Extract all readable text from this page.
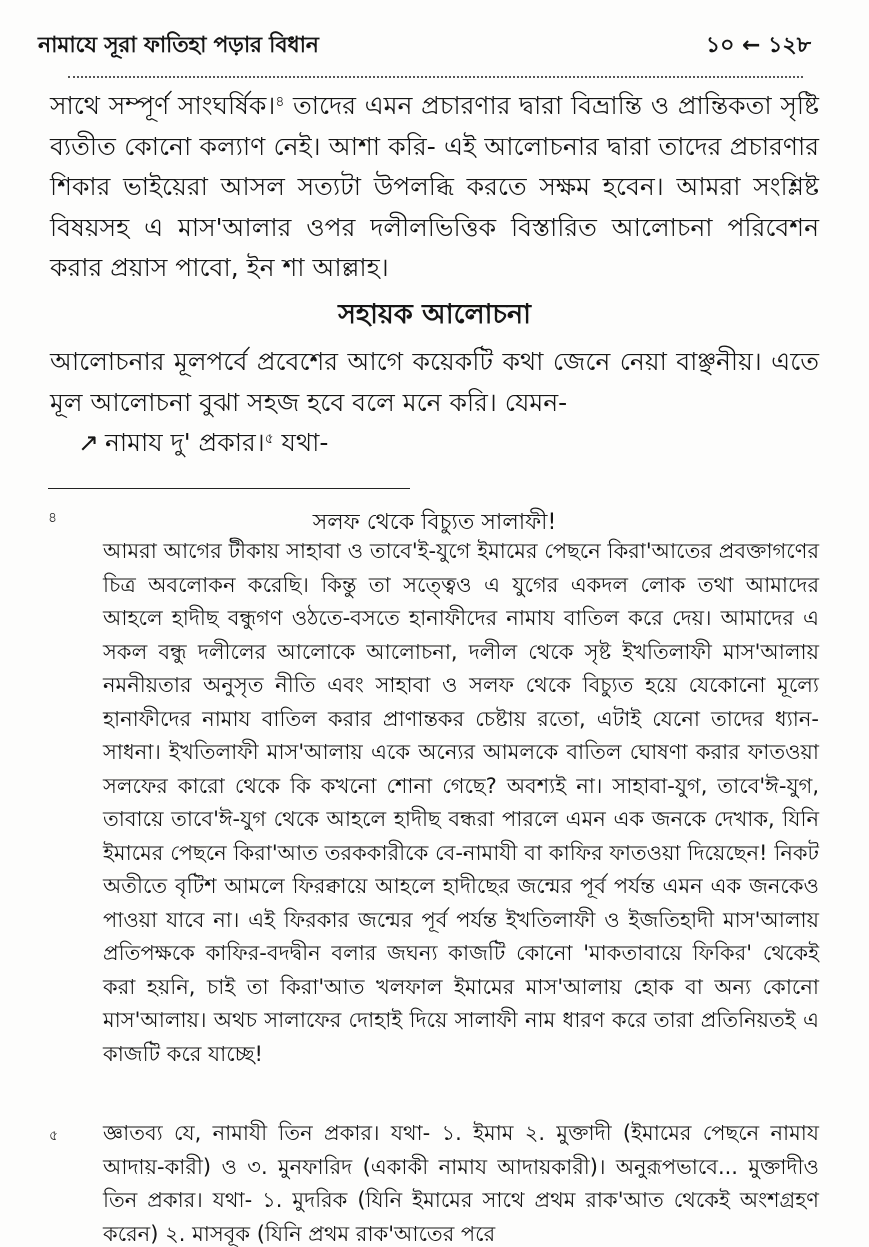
নামাযে সূরা ফাতিহা পড়ার বিধান	১০ ← ১২৮
সাথে সম্পূর্ণ সাংঘর্ষিক।$^৪$ তাদের এমন প্রচারণার দ্বারা বিভ্রান্তি ও প্রান্তিকতা সৃষ্টি ব্যতীত কোনো কল্যাণ নেই। আশা করি- এই আলোচনার দ্বারা তাদের প্রচারণার শিকার ভাইয়েরা আসল সত্যটা উপলব্ধি করতে সক্ষম হবেন। আমরা সংশ্লিষ্ট বিষয়সহ এ মাস'আলার ওপর দলীলভিত্তিক বিস্তারিত আলোচনা পরিবেশন করার প্রয়াস পাবো, ইন শা আল্লাহ।
সহায়ক আলোচনা
আলোচনার মূলপর্বে প্রবেশের আগে কয়েকটি কথা জেনে নেয়া বাঞ্ছনীয়। এতে মূল আলোচনা বুঝা সহজ হবে বলে মনে করি। যেমন-
↗ নামায দু' প্রকার।$^৫$ যথা-
৪	সলফ থেকে বিচ্যুত সালাফী!
আমরা আগের টীকায় সাহাবা ও তাবে'ই-যুগে ইমামের পেছনে কিরা'আতের প্রবক্তাগণের চিত্র অবলোকন করেছি। কিন্তু তা সত্ত্বেও এ যুগের একদল লোক তথা আমাদের আহলে হাদীছ বন্ধুগণ ওঠতে-বসতে হানাফীদের নামায বাতিল করে দেয়। আমাদের এ সকল বন্ধু দলীলের আলোকে আলোচনা, দলীল থেকে সৃষ্ট ইখতিলাফী মাস'আলায় নমনীয়তার অনুসৃত নীতি এবং সাহাবা ও সলফ থেকে বিচ্যুত হয়ে যেকোনো মূল্যে হানাফীদের নামায বাতিল করার প্রাণান্তকর চেষ্টায় রতো, এটাই যেনো তাদের ধ্যান-সাধনা। ইখতিলাফী মাস'আলায় একে অন্যের আমলকে বাতিল ঘোষণা করার ফাতওয়া সলফের কারো থেকে কি কখনো শোনা গেছে? অবশ্যই না। সাহাবা-যুগ, তাবে'ঈ-যুগ, তাবায়ে তাবে'ঈ-যুগ থেকে আহলে হাদীছ বন্ধরা পারলে এমন এক জনকে দেখাক, যিনি ইমামের পেছনে কিরা'আত তরককারীকে বে-নামাযী বা কাফির ফাতওয়া দিয়েছেন! নিকট অতীতে বৃটিশ আমলে ফিরক্বায়ে আহলে হাদীছের জন্মের পূর্ব পর্যন্ত এমন এক জনকেও পাওয়া যাবে না। এই ফিরকার জন্মের পূর্ব পর্যন্ত ইখতিলাফী ও ইজতিহাদী মাস'আলায় প্রতিপক্ষকে কাফির-বদদ্বীন বলার জঘন্য কাজটি কোনো 'মাকতাবায়ে ফিকির' থেকেই করা হয়নি, চাই তা কিরা'আত খলফাল ইমামের মাস'আলায় হোক বা অন্য কোনো মাস'আলায়। অথচ সালাফের দোহাই দিয়ে সালাফী নাম ধারণ করে তারা প্রতিনিয়তই এ কাজটি করে যাচ্ছে!
৫ জ্ঞাতব্য যে, নামাযী তিন প্রকার। যথা- ১. ইমাম ২. মুক্তাদী (ইমামের পেছনে নামায আদায়-কারী) ও ৩. মুনফারিদ (একাকী নামায আদায়কারী)। অনুরূপভাবে... মুক্তাদীও তিন প্রকার। যথা- ১. মুদরিক (যিনি ইমামের সাথে প্রথম রাক'আত থেকেই অংশগ্রহণ করেন) ২. মাসবূক (যিনি প্রথম রাক'আতের পরে
